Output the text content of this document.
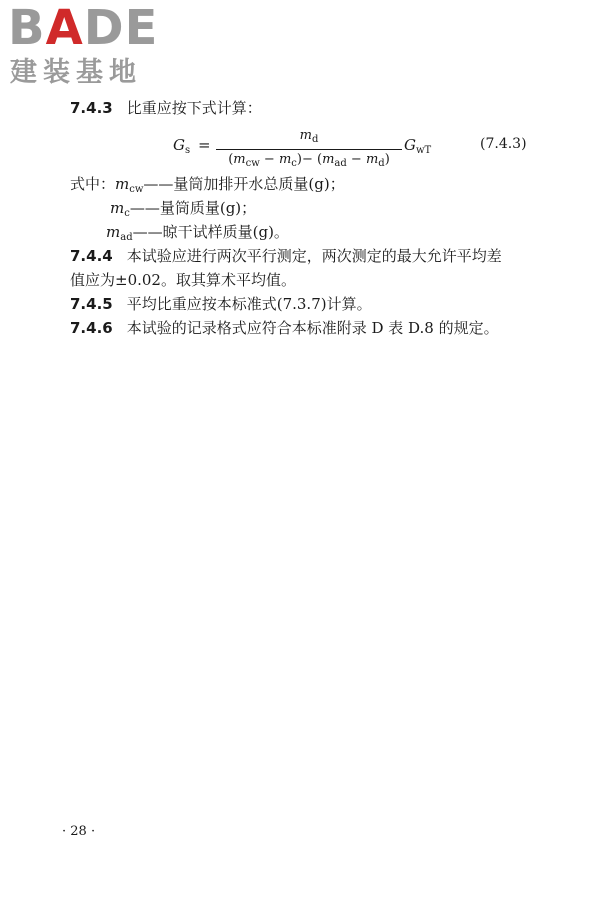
BADE
建装基地
7.4.3 比重应按下式计算：
$G_s$ =
$m_d$
$(m_{cw} - m_c)- (m_{ad} - m_d)$
$G_{wT}$	(7.4.3)
式中：$m_{cw}——$量筒加排开水总质量(g)；
$m_c——$量筒质量(g)；
$m_{ad}——$晾干试样质量(g)。
7.4.4 本试验应进行两次平行测定，两次测定的最大允许平均差
值应为±0.02。取其算术平均值。
7.4.5 平均比重应按本标准式(7.3.7)计算。
7.4.6 本试验的记录格式应符合本标准附录 D 表 D.8 的规定。
· 28 ·
